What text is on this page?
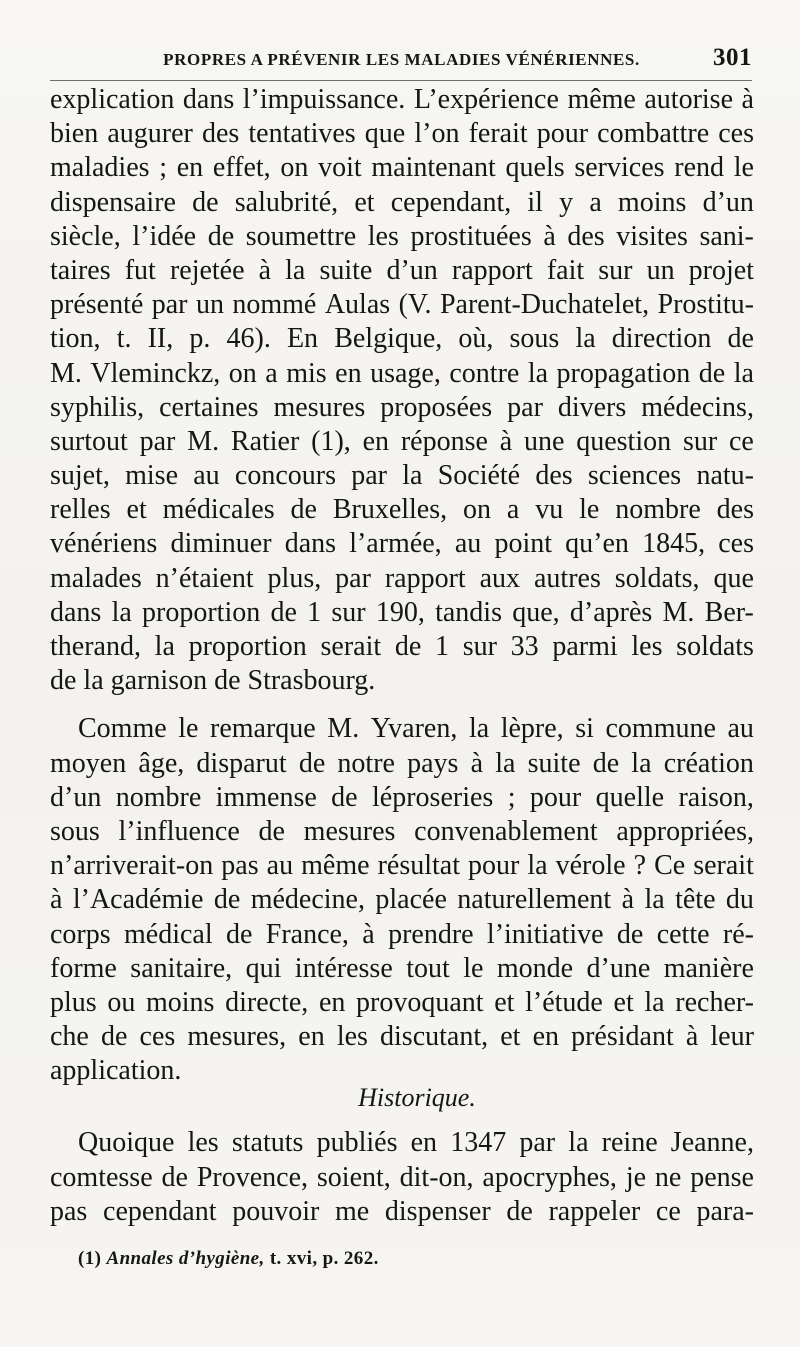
PROPRES A PRÉVENIR LES MALADIES VÉNÉRIENNES.	301
explication dans l’impuissance. L’expérience même autorise à
bien augurer des tentatives que l’on ferait pour combattre ces
maladies ; en effet, on voit maintenant quels services rend le
dispensaire de salubrité, et cependant, il y a moins d’un
siècle, l’idée de soumettre les prostituées à des visites sani-
taires fut rejetée à la suite d’un rapport fait sur un projet
présenté par un nommé Aulas (V. Parent-Duchatelet, Prostitu-
tion, t. II, p. 46). En Belgique, où, sous la direction de
M. Vleminckz, on a mis en usage, contre la propagation de la
syphilis, certaines mesures proposées par divers médecins,
surtout par M. Ratier (1), en réponse à une question sur ce
sujet, mise au concours par la Société des sciences natu-
relles et médicales de Bruxelles, on a vu le nombre des
vénériens diminuer dans l’armée, au point qu’en 1845, ces
malades n’étaient plus, par rapport aux autres soldats, que
dans la proportion de 1 sur 190, tandis que, d’après M. Ber-
therand, la proportion serait de 1 sur 33 parmi les soldats
de la garnison de Strasbourg.
Comme le remarque M. Yvaren, la lèpre, si commune au
moyen âge, disparut de notre pays à la suite de la création
d’un nombre immense de léproseries ; pour quelle raison,
sous l’influence de mesures convenablement appropriées,
n’arriverait-on pas au même résultat pour la vérole ? Ce serait
à l’Académie de médecine, placée naturellement à la tête du
corps médical de France, à prendre l’initiative de cette ré-
forme sanitaire, qui intéresse tout le monde d’une manière
plus ou moins directe, en provoquant et l’étude et la recher-
che de ces mesures, en les discutant, et en présidant à leur
application.
Historique.
Quoique les statuts publiés en 1347 par la reine Jeanne,
comtesse de Provence, soient, dit-on, apocryphes, je ne pense
pas cependant pouvoir me dispenser de rappeler ce para-
(1) Annales d’hygiène, t. xvi, p. 262.
